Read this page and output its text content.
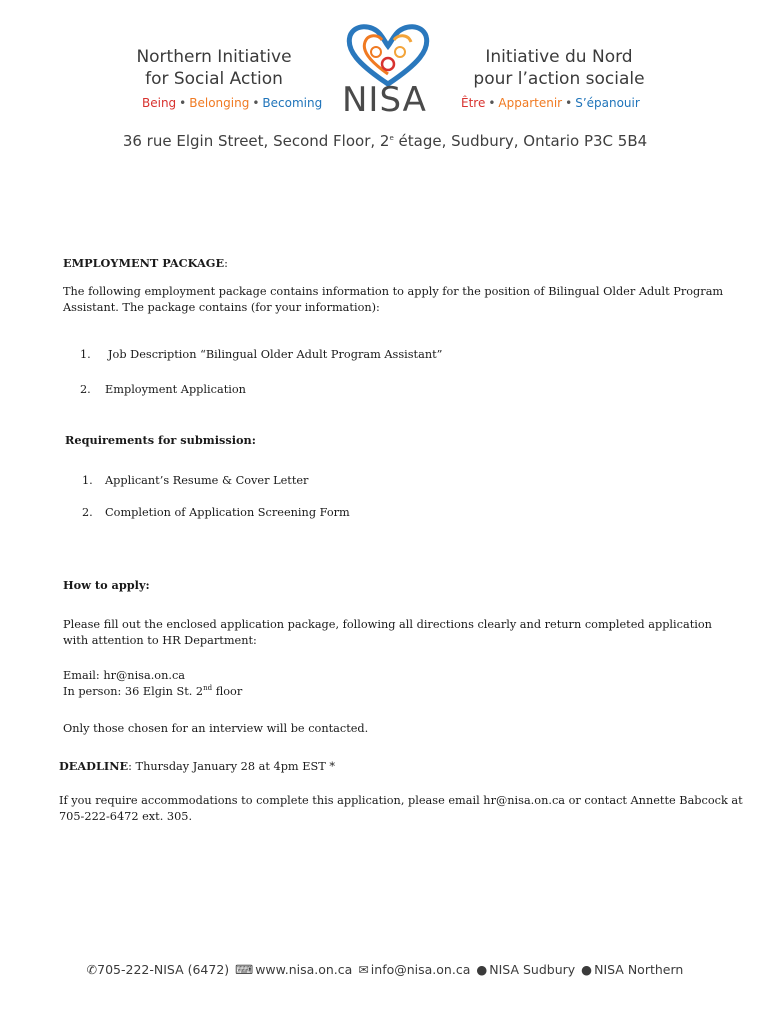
Northern Initiative
for Social Action
Being • Belonging • Becoming NISA
Initiative du Nord
pour l’action sociale
Être • Appartenir • S’épanouir
36 rue Elgin Street, Second Floor, 2e étage, Sudbury, Ontario P3C 5B4
EMPLOYMENT PACKAGE:
The following employment package contains information to apply for the position of Bilingual Older Adult Program
Assistant. The package contains (for your information):
1. Job Description “Bilingual Older Adult Program Assistant”
2. Employment Application
Requirements for submission:
1. Applicant’s Resume & Cover Letter
2. Completion of Application Screening Form
How to apply:
Please fill out the enclosed application package, following all directions clearly and return completed application
with attention to HR Department:
Email: hr@nisa.on.ca
In person: 36 Elgin St. 2nd floor
Only those chosen for an interview will be contacted.
DEADLINE: Thursday January 28 at 4pm EST *
If you require accommodations to complete this application, please email hr@nisa.on.ca or contact Annette Babcock at
705-222-6472 ext. 305.
✆705-222-NISA (6472) ⌨ www.nisa.on.ca ✉ info@nisa.on.ca ● NISA Sudbury ● NISA Northern
